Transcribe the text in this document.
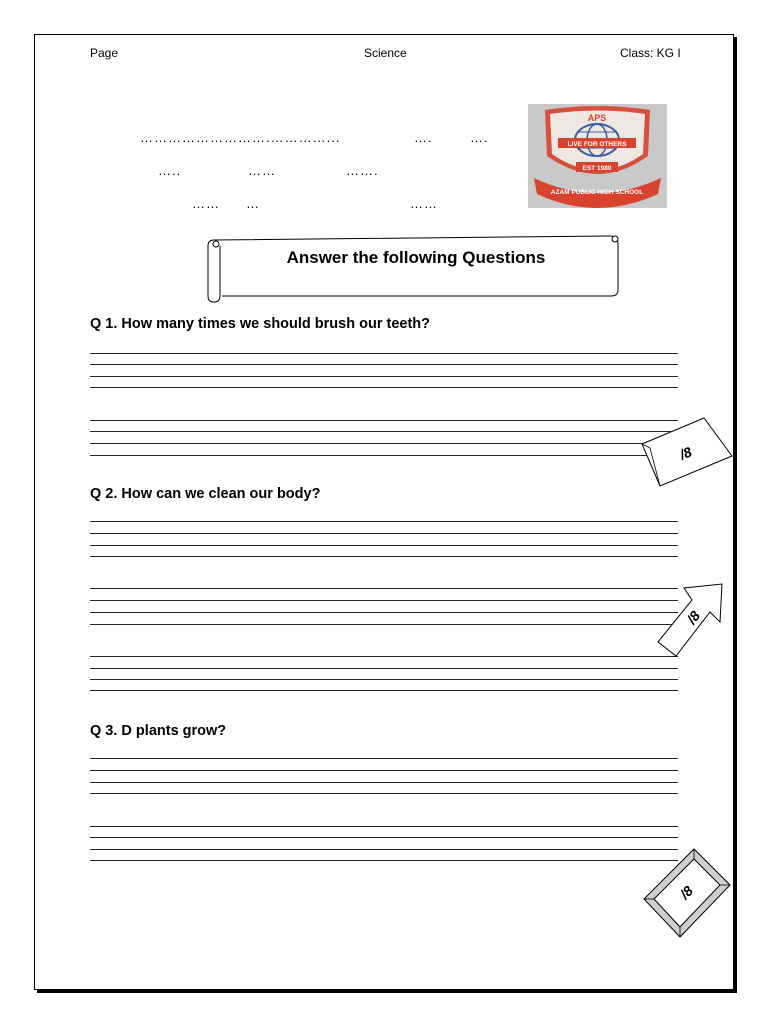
Page	Science	Class: KG I
……………………….…………...	….	….
…..	……	…….
…… …	……
APS
LIVE FOR OTHERS
EST 1980
AZAM PUBLIC HIGH SCHOOL
Answer the following Questions
Q 1. How many times we should brush our teeth?
/8
Q 2. How can we clean our body?
/8
Q 3. D plants grow?
/8
